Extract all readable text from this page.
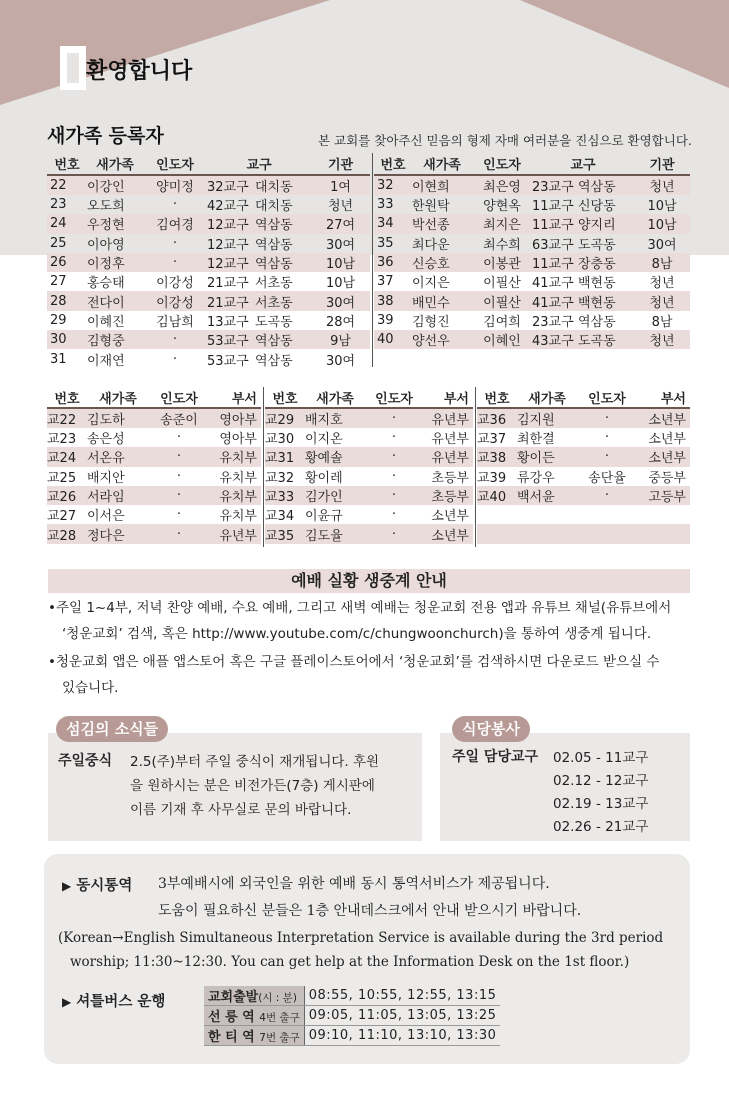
환영합니다
새가족 등록자	본 교회를 찾아주신 믿음의 형제 자매 여러분을 진심으로 환영합니다.
번호	새가족	인도자	교구		기관
22	이강인	양미정	32교구	대치동	1여
23	오도희	·	42교구	대치동	청년
24	우정현	김여경	12교구	역삼동	27여
25	이아영	·	12교구	역삼동	30여
26	이정후	·	12교구	역삼동	10남
27	홍승태	이강성	21교구	서초동	10남
28	전다이	이강성	21교구	서초동	30여
29	이혜진	김남희	13교구	도곡동	28여
30	김형중	·	53교구	역삼동	9남
31	이재연	·	53교구	역삼동	30여
번호	새가족	인도자	교구		기관
32	이현희	최은영	23교구	역삼동	청년
33	한원탁	양현옥	11교구	신당동	10남
34	박선종	최지은	11교구	양지리	10남
35	최다운	최수희	63교구	도곡동	30여
36	신승호	이봉관	11교구	장충동	8남
37	이지은	이필산	41교구	백현동	청년
38	배민수	이필산	41교구	백현동	청년
39	김형진	김여희	23교구	역삼동	8남
40	양선우	이혜인	43교구	도곡동	청년

번호	새가족	인도자	부서
교22	김도하	송준이	영아부
교23	송은성	·	영아부
교24	서온유	·	유치부
교25	배지안	·	유치부
교26	서라임	·	유치부
교27	이서은	·	유치부
교28	정다은	·	유년부
번호	새가족	인도자	부서
교29	배지호	·	유년부
교30	이지온	·	유년부
교31	황예솔	·	유년부
교32	황이레	·	초등부
교33	김가인	·	초등부
교34	이윤규	·	소년부
교35	김도율	·	소년부
번호	새가족	인도자	부서
교36	김지원	·	소년부
교37	최한결	·	소년부
교38	황이든	·	소년부
교39	류강우	송단율	중등부
교40	백서윤	·	고등부

예배 실황 생중계 안내
•주일 1~4부, 저녁 찬양 예배, 수요 예배, 그리고 새벽 예배는 청운교회 전용 앱과 유튜브 채널(유튜브에서
‘청운교회’ 검색, 혹은 http://www.youtube.com/c/chungwoonchurch)을 통하여 생중계 됩니다.
•청운교회 앱은 애플 앱스토어 혹은 구글 플레이스토어에서 ‘청운교회’를 검색하시면 다운로드 받으실 수
있습니다.
섬김의 소식들
주일중식 2.5(주)부터 주일 중식이 재개됩니다. 후원
을 원하시는 분은 비전가든(7층) 게시판에
이름 기재 후 사무실로 문의 바랍니다.
식당봉사
주일 담당교구 02.05 - 11교구
02.12 - 12교구
02.19 - 13교구
02.26 - 21교구
▶ 동시통역 3부예배시에 외국인을 위한 예배 동시 통역서비스가 제공됩니다.
도움이 필요하신 분들은 1층 안내데스크에서 안내 받으시기 바랍니다.
(Korean→English Simultaneous Interpretation Service is available during the 3rd period
worship; 11:30~12:30. You can get help at the Information Desk on the 1st floor.)
▶ 셔틀버스 운행	교회출발(시 : 분)	08:55, 10:55, 12:55, 13:15
선 릉 역 4번 출구	09:05, 11:05, 13:05, 13:25
한 티 역 7번 출구	09:10, 11:10, 13:10, 13:30
